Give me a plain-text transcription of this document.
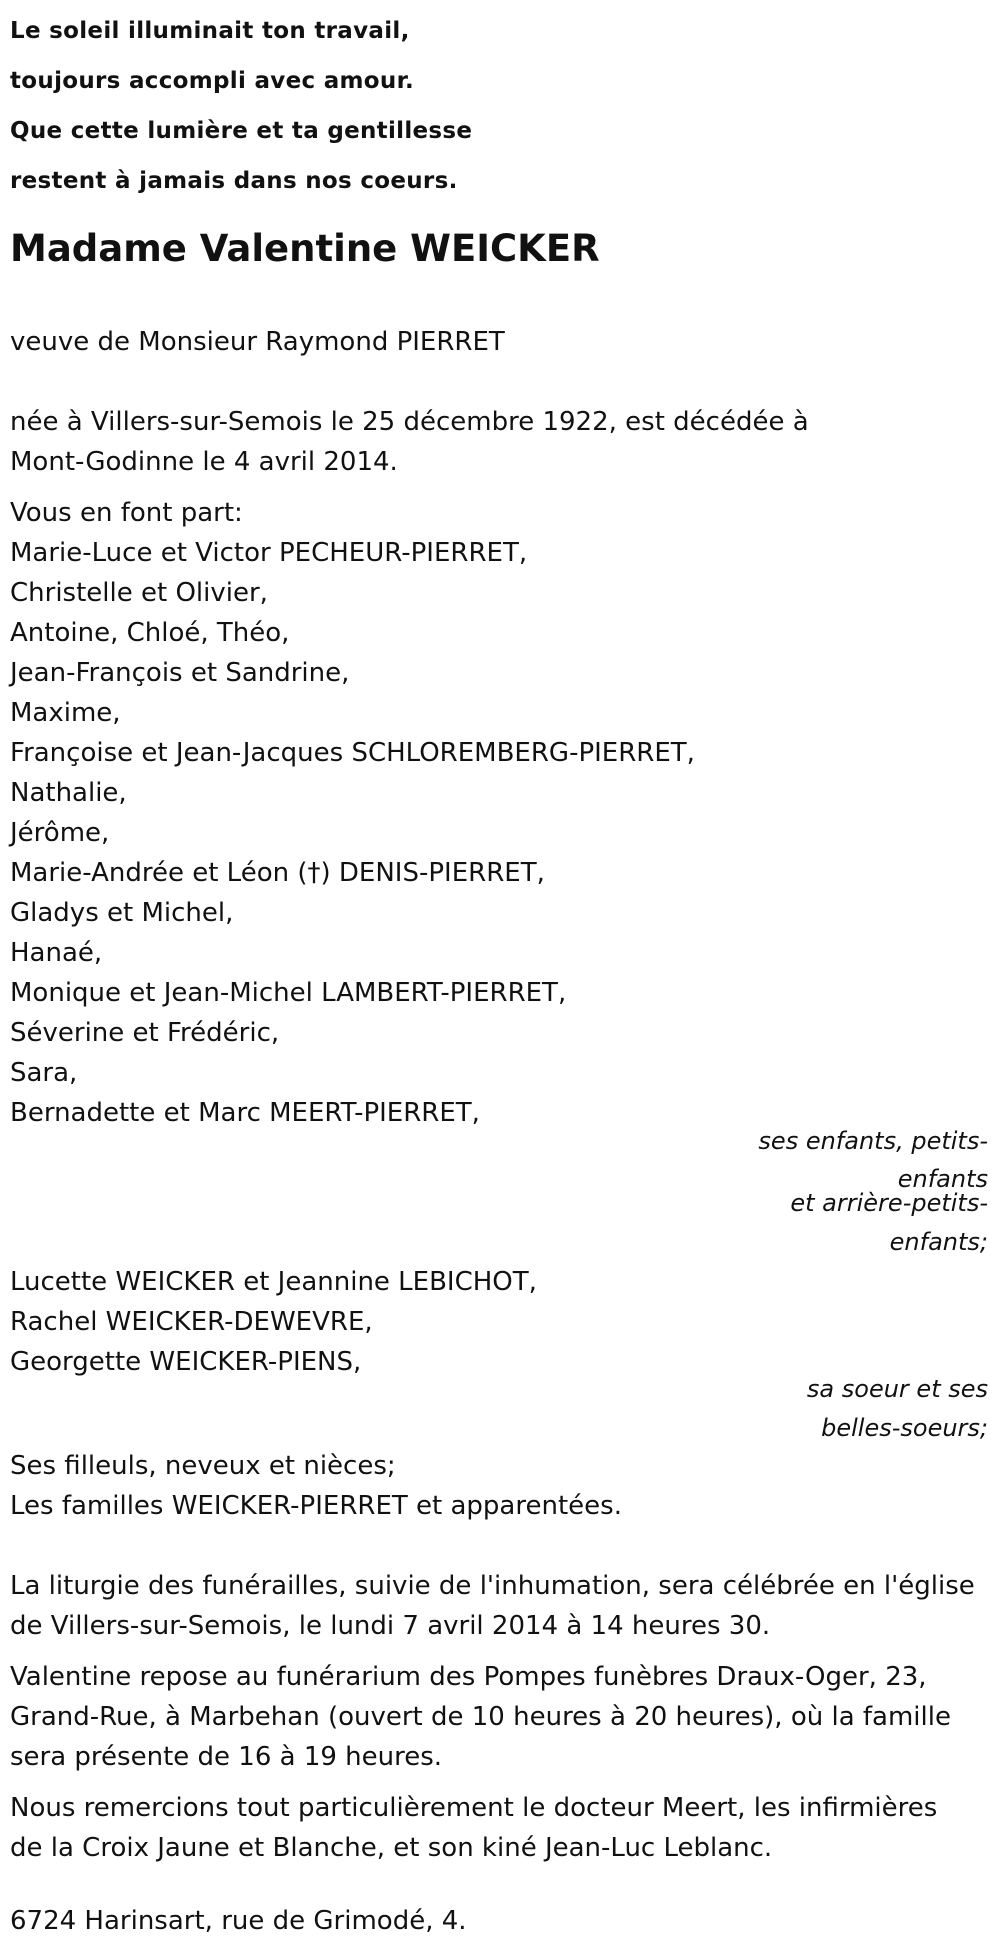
Le soleil illuminait ton travail,
toujours accompli avec amour.
Que cette lumière et ta gentillesse
restent à jamais dans nos coeurs.
Madame Valentine WEICKER
veuve de Monsieur Raymond PIERRET
née à Villers-sur-Semois le 25 décembre 1922, est décédée à
Mont-Godinne le 4 avril 2014.
Vous en font part:
Marie-Luce et Victor PECHEUR-PIERRET,
Christelle et Olivier,
Antoine, Chloé, Théo,
Jean-François et Sandrine,
Maxime,
Françoise et Jean-Jacques SCHLOREMBERG-PIERRET,
Nathalie,
Jérôme,
Marie-Andrée et Léon (†) DENIS-PIERRET,
Gladys et Michel,
Hanaé,
Monique et Jean-Michel LAMBERT-PIERRET,
Séverine et Frédéric,
Sara,
Bernadette et Marc MEERT-PIERRET,
ses enfants, petits-
enfants
et arrière-petits-
enfants;
Lucette WEICKER et Jeannine LEBICHOT,
Rachel WEICKER-DEWEVRE,
Georgette WEICKER-PIENS,
sa soeur et ses
belles-soeurs;
Ses filleuls, neveux et nièces;
Les familles WEICKER-PIERRET et apparentées.
La liturgie des funérailles, suivie de l'inhumation, sera célébrée en l'église
de Villers-sur-Semois, le lundi 7 avril 2014 à 14 heures 30.
Valentine repose au funérarium des Pompes funèbres Draux-Oger, 23,
Grand-Rue, à Marbehan (ouvert de 10 heures à 20 heures), où la famille
sera présente de 16 à 19 heures.
Nous remercions tout particulièrement le docteur Meert, les infirmières
de la Croix Jaune et Blanche, et son kiné Jean-Luc Leblanc.
6724 Harinsart, rue de Grimodé, 4.
